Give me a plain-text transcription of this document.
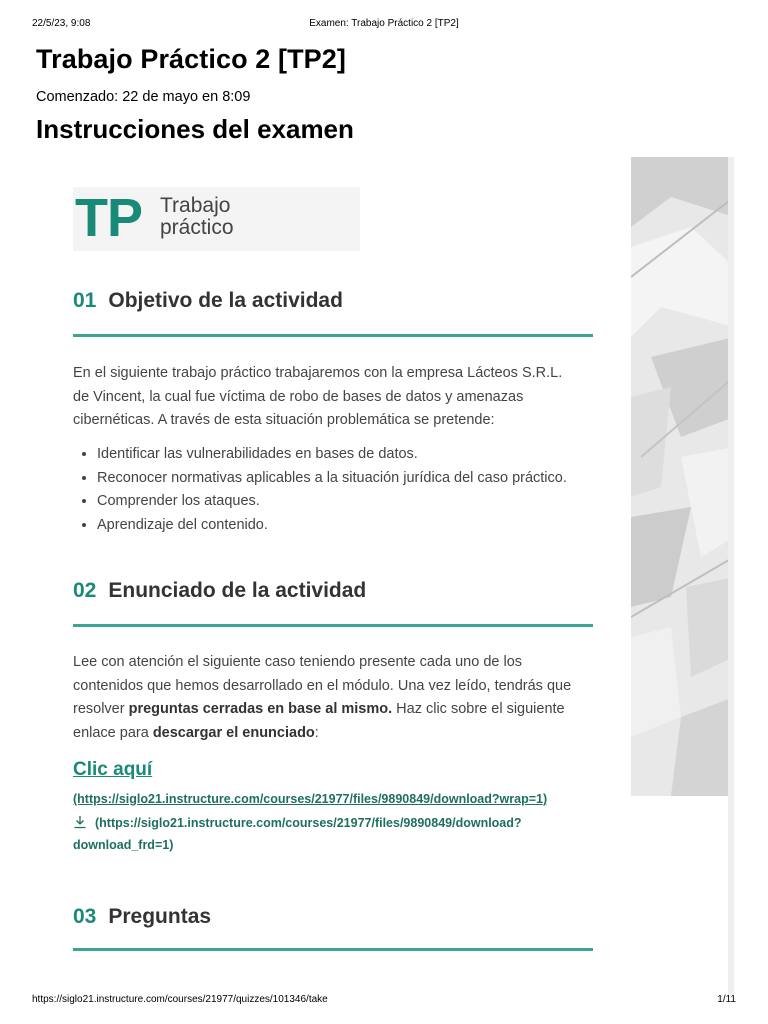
22/5/23, 9:08	Examen: Trabajo Práctico 2 [TP2]
Trabajo Práctico 2 [TP2]
Comenzado: 22 de mayo en 8:09
Instrucciones del examen
TP Trabajo
práctico
01 Objetivo de la actividad
En el siguiente trabajo práctico trabajaremos con la empresa Lácteos S.R.L.
de Vincent, la cual fue víctima de robo de bases de datos y amenazas
cibernéticas. A través de esta situación problemática se pretende:
• Identificar las vulnerabilidades en bases de datos.
• Reconocer normativas aplicables a la situación jurídica del caso práctico.
• Comprender los ataques.
• Aprendizaje del contenido.
02 Enunciado de la actividad
Lee con atención el siguiente caso teniendo presente cada uno de los
contenidos que hemos desarrollado en el módulo. Una vez leído, tendrás que
resolver preguntas cerradas en base al mismo. Haz clic sobre el siguiente
enlace para descargar el enunciado:
Clic aquí
(https://siglo21.instructure.com/courses/21977/files/9890849/download?wrap=1)
(https://siglo21.instructure.com/courses/21977/files/9890849/download?
download_frd=1)
03 Preguntas
https://siglo21.instructure.com/courses/21977/quizzes/101346/take	1/11
